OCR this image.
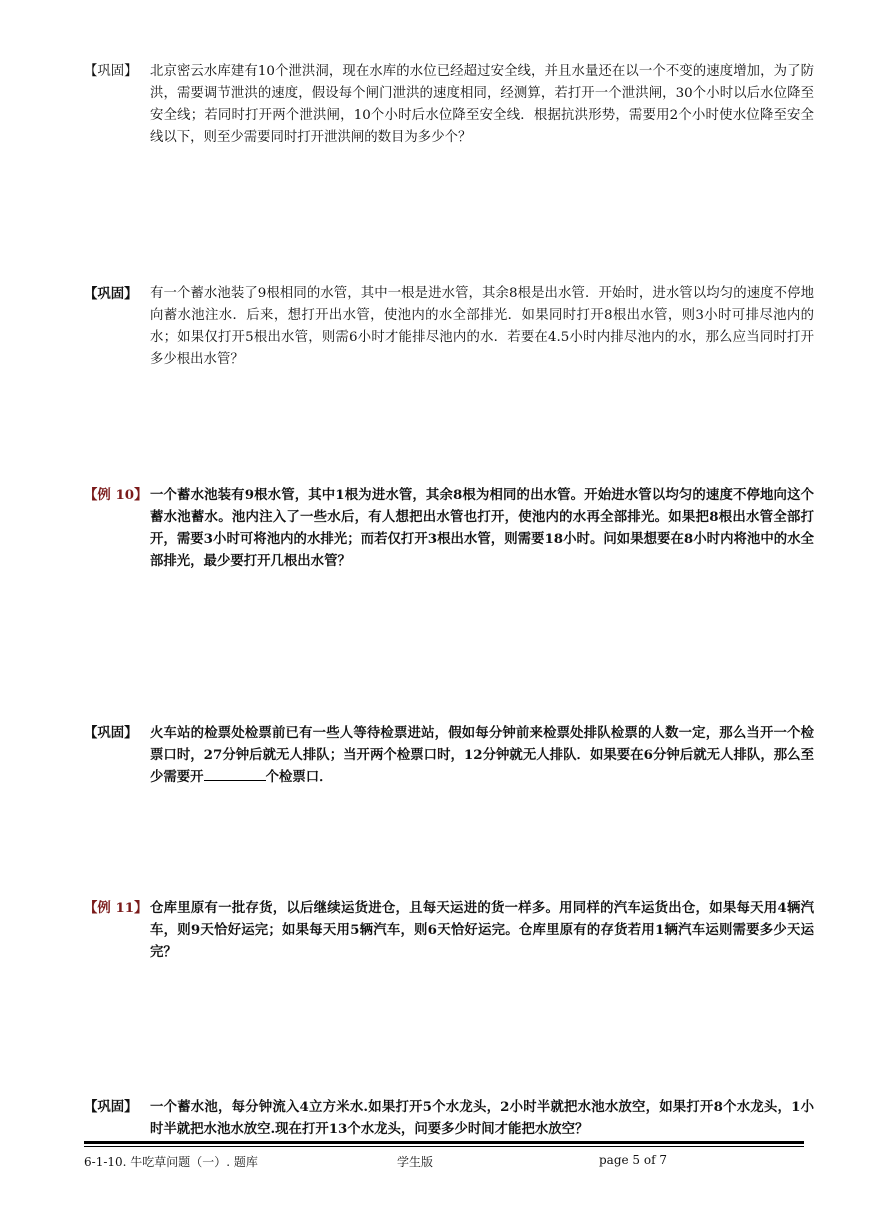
【巩固】 北京密云水库建有10个泄洪洞，现在水库的水位已经超过安全线，并且水量还在以一个不变的速度增加，为了防洪，需要调节泄洪的速度，假设每个闸门泄洪的速度相同，经测算，若打开一个泄洪闸，30个小时以后水位降至安全线；若同时打开两个泄洪闸，10个小时后水位降至安全线．根据抗洪形势，需要用2个小时使水位降至安全线以下，则至少需要同时打开泄洪闸的数目为多少个？
【巩固】 有一个蓄水池装了9根相同的水管，其中一根是进水管，其余8根是出水管．开始时，进水管以均匀的速度不停地向蓄水池注水．后来，想打开出水管，使池内的水全部排光．如果同时打开8根出水管，则3小时可排尽池内的水；如果仅打开5根出水管，则需6小时才能排尽池内的水．若要在4.5小时内排尽池内的水，那么应当同时打开多少根出水管？
【例 10】 一个蓄水池装有9根水管，其中1根为进水管，其余8根为相同的出水管。开始进水管以均匀的速度不停地向这个蓄水池蓄水。池内注入了一些水后，有人想把出水管也打开，使池内的水再全部排光。如果把8根出水管全部打开，需要3小时可将池内的水排光；而若仅打开3根出水管，则需要18小时。问如果想要在8小时内将池中的水全部排光，最少要打开几根出水管？
【巩固】 火车站的检票处检票前已有一些人等待检票进站，假如每分钟前来检票处排队检票的人数一定，那么当开一个检票口时，27分钟后就无人排队；当开两个检票口时，12分钟就无人排队．如果要在6分钟后就无人排队，那么至少需要开	个检票口．
【例 11】 仓库里原有一批存货，以后继续运货进仓，且每天运进的货一样多。用同样的汽车运货出仓，如果每天用4辆汽车，则9天恰好运完；如果每天用5辆汽车，则6天恰好运完。仓库里原有的存货若用1辆汽车运则需要多少天运完？
【巩固】 一个蓄水池，每分钟流入4立方米水.如果打开5个水龙头，2小时半就把水池水放空，如果打开8个水龙头，1小时半就把水池水放空.现在打开13个水龙头，问要多少时间才能把水放空？
6-1-10. 牛吃草问题（一）. 题库	学生版	page 5 of 7
